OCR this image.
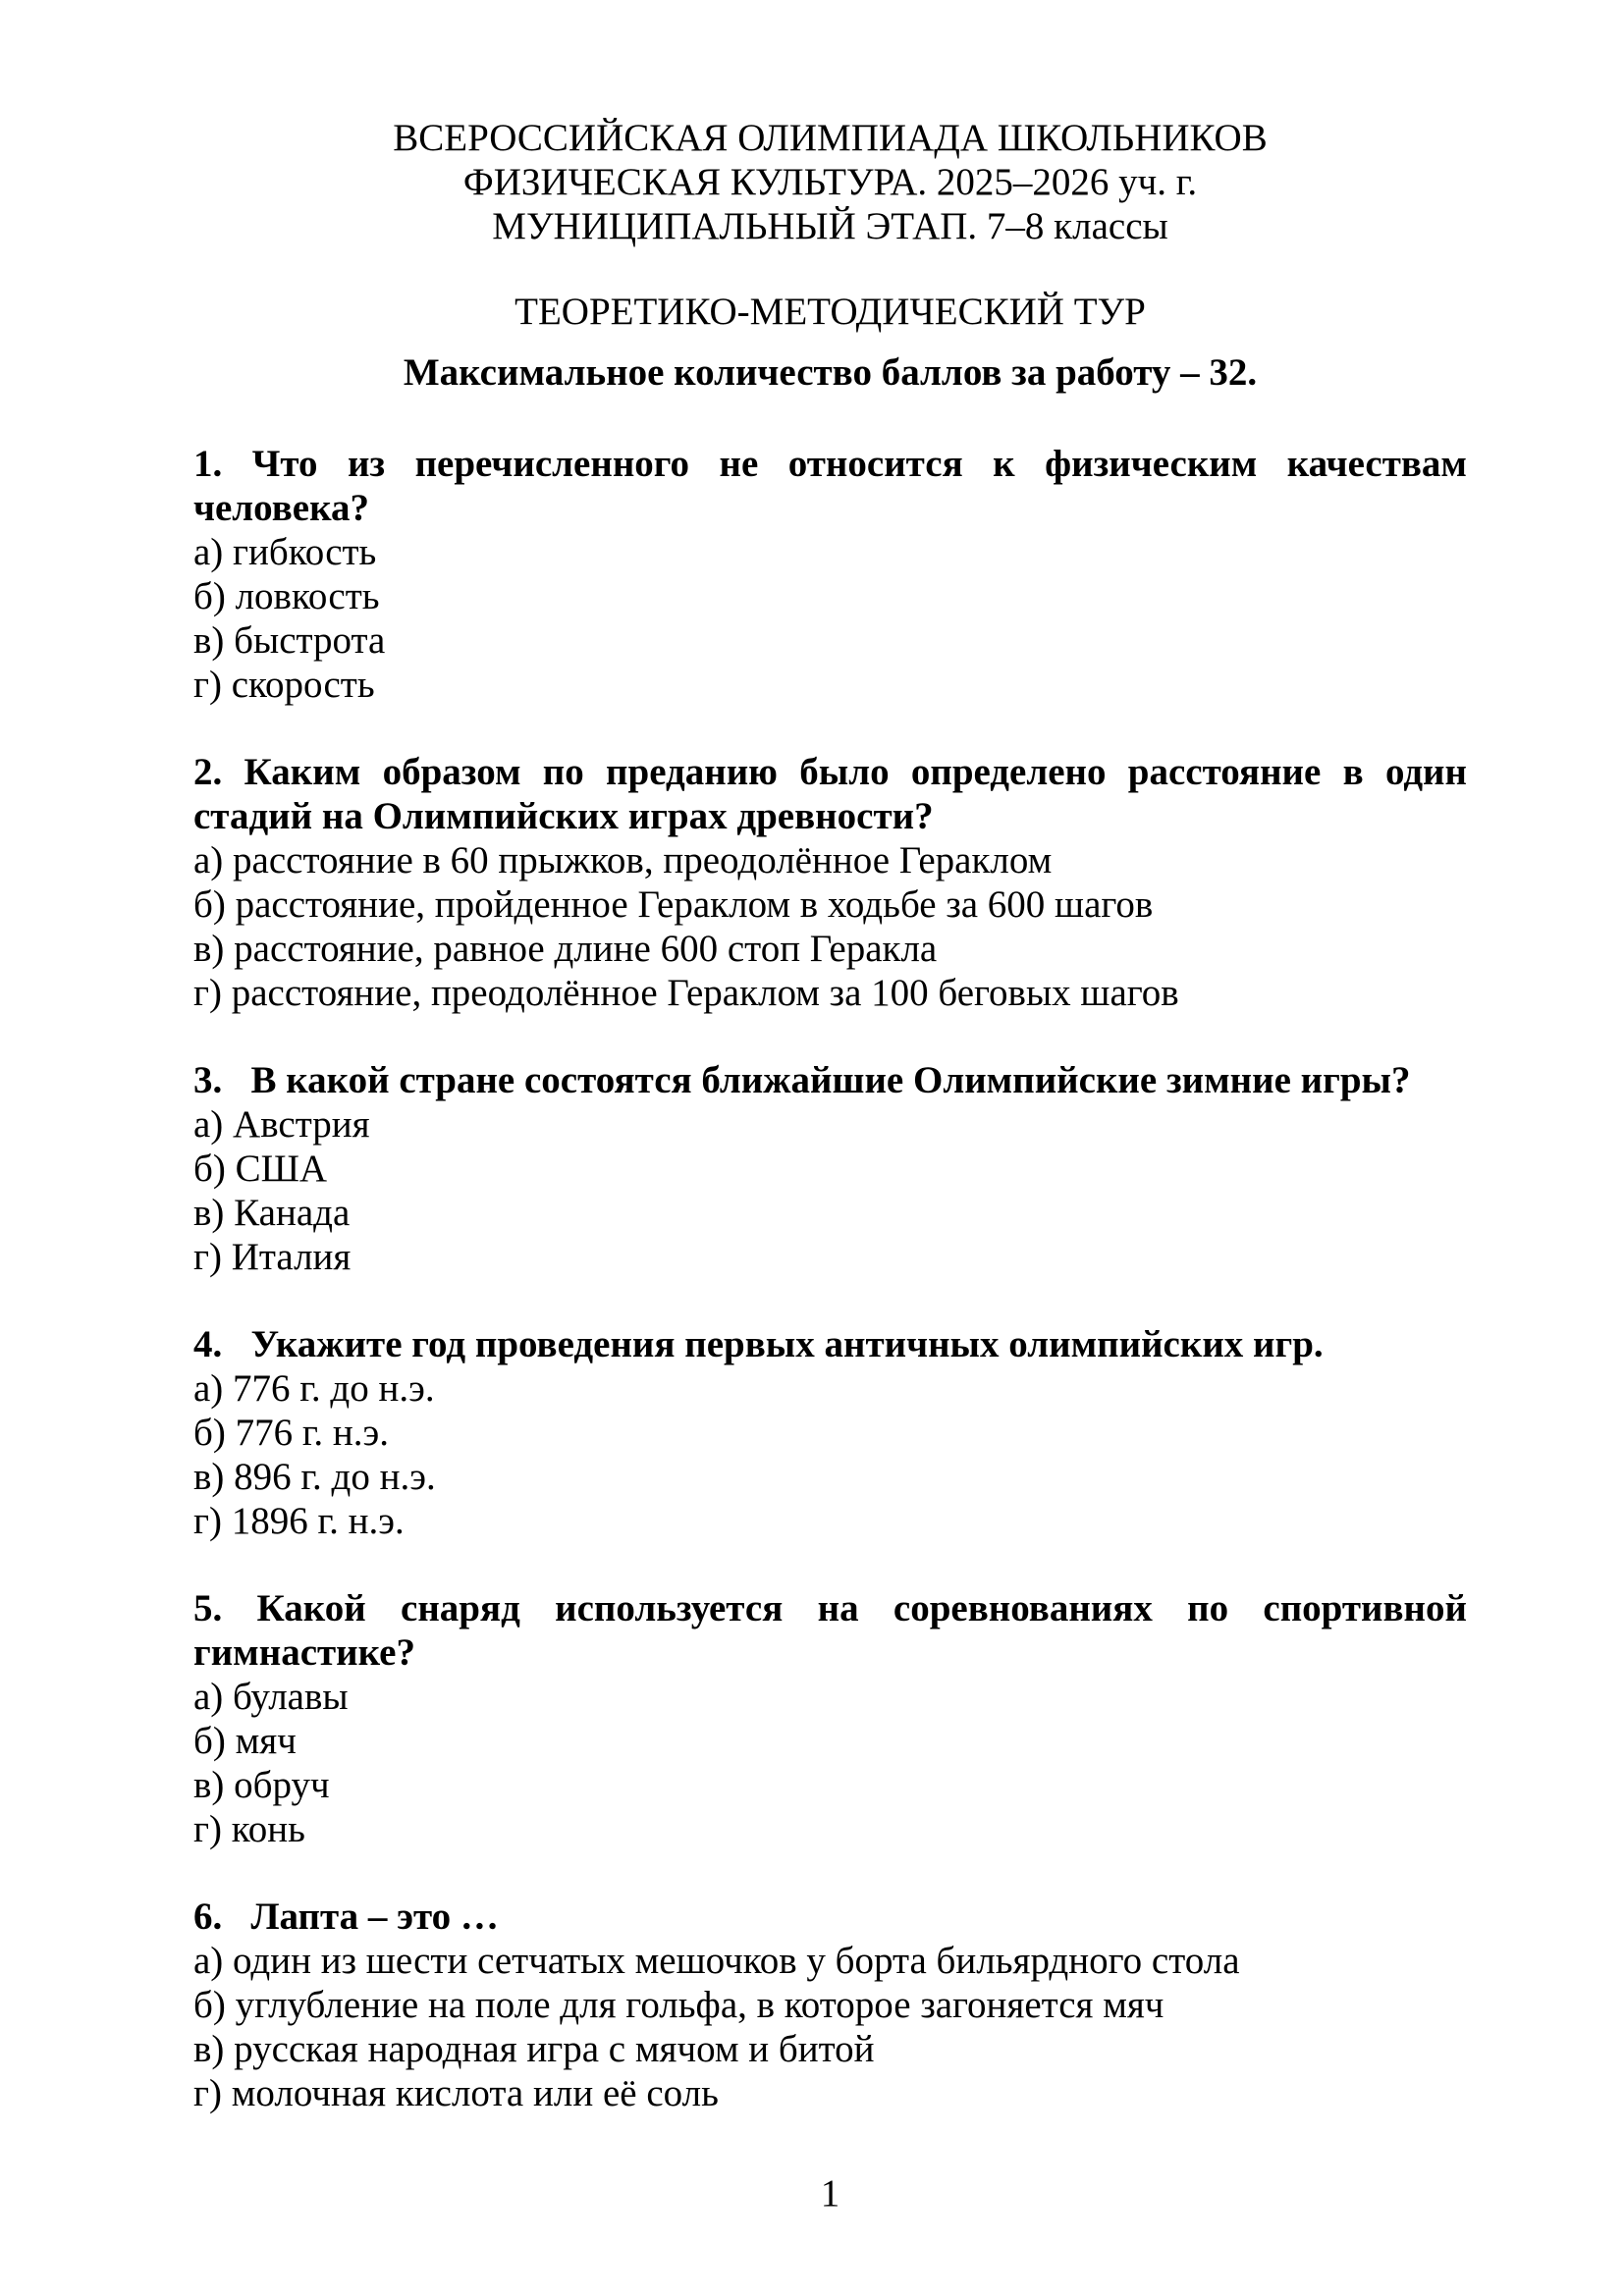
ВСЕРОССИЙСКАЯ ОЛИМПИАДА ШКОЛЬНИКОВ
ФИЗИЧЕСКАЯ КУЛЬТУРА. 2025–2026 уч. г.
МУНИЦИПАЛЬНЫЙ ЭТАП. 7–8 классы
ТЕОРЕТИКО-МЕТОДИЧЕСКИЙ ТУР
Максимальное количество баллов за работу – 32.
1. Что из перечисленного не относится к физическим качествам
человека?
а) гибкость
б) ловкость
в) быстрота
г) скорость
2. Каким образом по преданию было определено расстояние в один
стадий на Олимпийских играх древности?
а) расстояние в 60 прыжков, преодолённое Гераклом
б) расстояние, пройденное Гераклом в ходьбе за 600 шагов
в) расстояние, равное длине 600 стоп Геракла
г) расстояние, преодолённое Гераклом за 100 беговых шагов
3.   В какой стране состоятся ближайшие Олимпийские зимние игры?
а) Австрия
б) США
в) Канада
г) Италия
4.   Укажите год проведения первых античных олимпийских игр.
а) 776 г. до н.э.
б) 776 г. н.э.
в) 896 г. до н.э.
г) 1896 г. н.э.
5. Какой снаряд используется на соревнованиях по спортивной
гимнастике?
а) булавы
б) мяч
в) обруч
г) конь
6.   Лапта – это …
а) один из шести сетчатых мешочков у борта бильярдного стола
б) углубление на поле для гольфа, в которое загоняется мяч
в) русская народная игра с мячом и битой
г) молочная кислота или её соль
1
